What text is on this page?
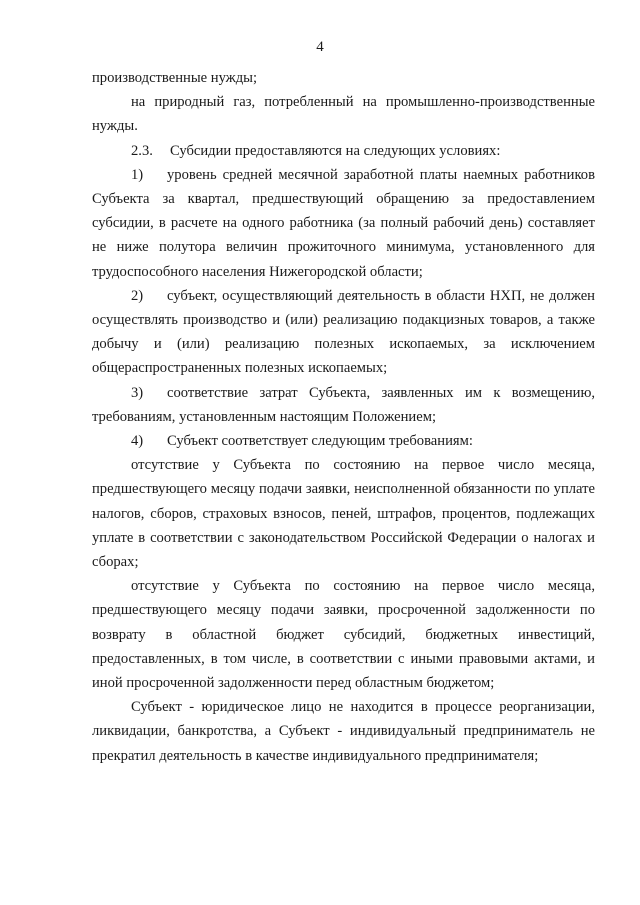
4

производственные нужды;

на природный газ, потребленный на промышленно-производственные нужды.

2.3. Субсидии предоставляются на следующих условиях:

1) уровень средней месячной заработной платы наемных работников Субъекта за квартал, предшествующий обращению за предоставлением субсидии, в расчете на одного работника (за полный рабочий день) составляет не ниже полутора величин прожиточного минимума, установленного для трудоспособного населения Нижегородской области;

2) субъект, осуществляющий деятельность в области НХП, не должен осуществлять производство и (или) реализацию подакцизных товаров, а также добычу и (или) реализацию полезных ископаемых, за исключением общераспространенных полезных ископаемых;

3) соответствие затрат Субъекта, заявленных им к возмещению, требованиям, установленным настоящим Положением;

4) Субъект соответствует следующим требованиям:

отсутствие у Субъекта по состоянию на первое число месяца, предшествующего месяцу подачи заявки, неисполненной обязанности по уплате налогов, сборов, страховых взносов, пеней, штрафов, процентов, подлежащих уплате в соответствии с законодательством Российской Федерации о налогах и сборах;

отсутствие у Субъекта по состоянию на первое число месяца, предшествующего месяцу подачи заявки, просроченной задолженности по возврату в областной бюджет субсидий, бюджетных инвестиций, предоставленных, в том числе, в соответствии с иными правовыми актами, и иной просроченной задолженности перед областным бюджетом;

Субъект - юридическое лицо не находится в процессе реорганизации, ликвидации, банкротства, а Субъект - индивидуальный предприниматель не прекратил деятельность в качестве индивидуального предпринимателя;
